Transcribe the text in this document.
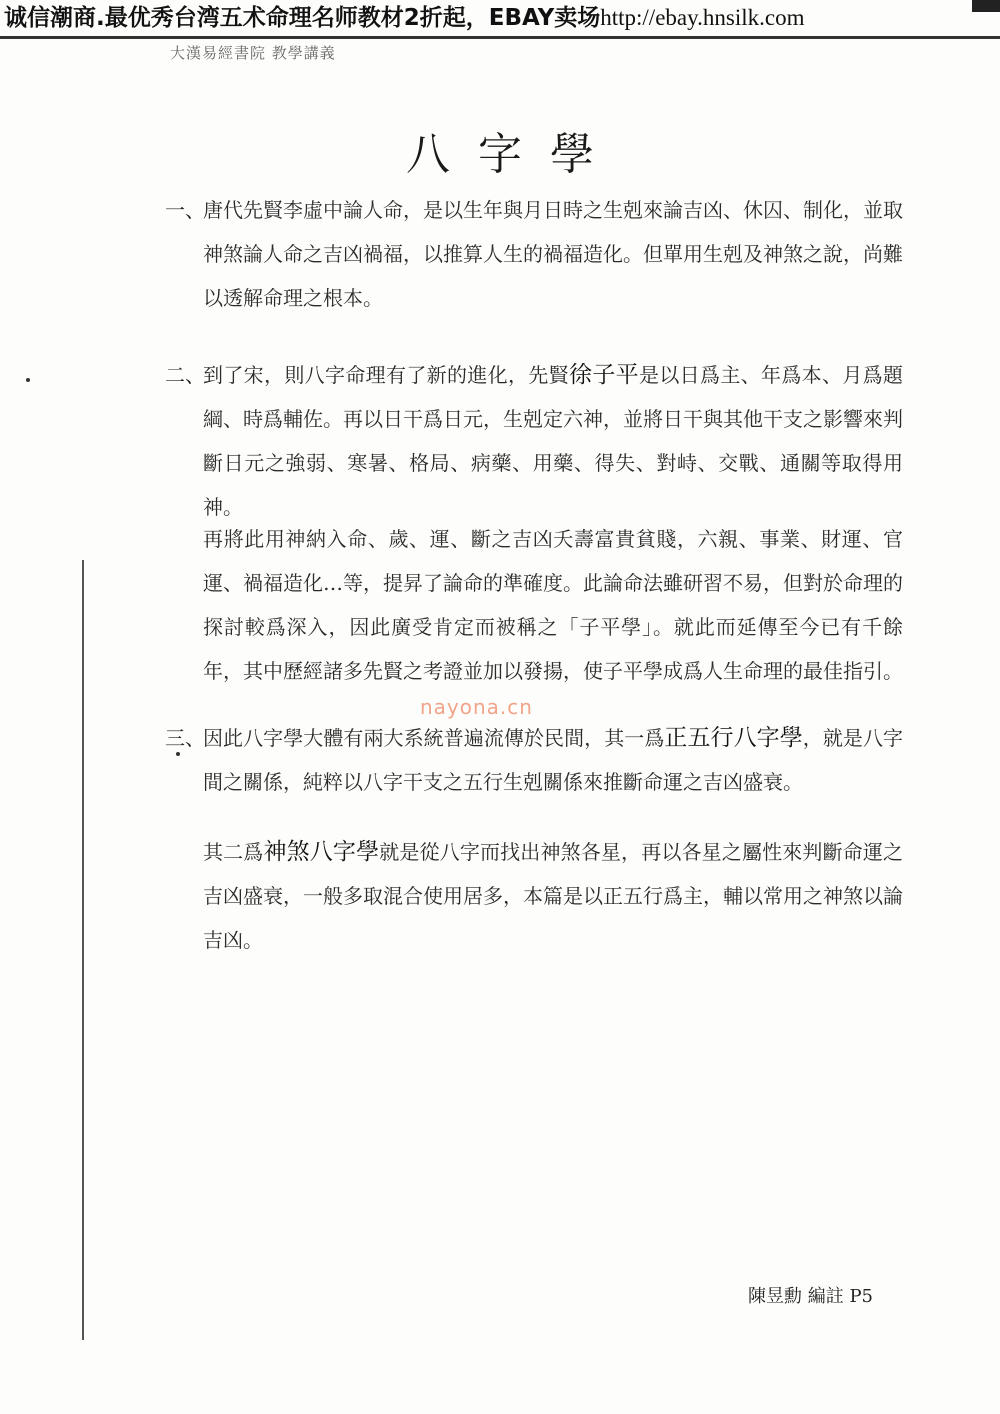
诚信潮商.最优秀台湾五术命理名师教材2折起，EBAY卖场http://ebay.hnsilk.com
大漢易經書院 教學講義
八字學
一、
唐代先賢李虛中論人命，是以生年與月日時之生剋來論吉凶、休囚、制化，並取神煞論人命之吉凶禍福，以推算人生的禍福造化。但單用生剋及神煞之說，尚難以透解命理之根本。
二、
到了宋，則八字命理有了新的進化，先賢徐子平是以日爲主、年爲本、月爲題綱、時爲輔佐。再以日干爲日元，生剋定六神，並將日干與其他干支之影響來判斷日元之強弱、寒暑、格局、病藥、用藥、得失、對峙、交戰、通關等取得用神。
再將此用神納入命、歲、運、斷之吉凶夭壽富貴貧賤，六親、事業、財運、官運、禍福造化…等，提昇了論命的準確度。此論命法雖研習不易，但對於命理的探討較爲深入，因此廣受肯定而被稱之「子平學」。就此而延傳至今已有千餘年，其中歷經諸多先賢之考證並加以發揚，使子平學成爲人生命理的最佳指引。
nayona.cn
三、
因此八字學大體有兩大系統普遍流傳於民間，其一爲正五行八字學，就是八字間之關係，純粹以八字干支之五行生剋關係來推斷命運之吉凶盛衰。
其二爲神煞八字學就是從八字而找出神煞各星，再以各星之屬性來判斷命運之吉凶盛衰，一般多取混合使用居多，本篇是以正五行爲主，輔以常用之神煞以論吉凶。
陳昱勳 編註 P5
